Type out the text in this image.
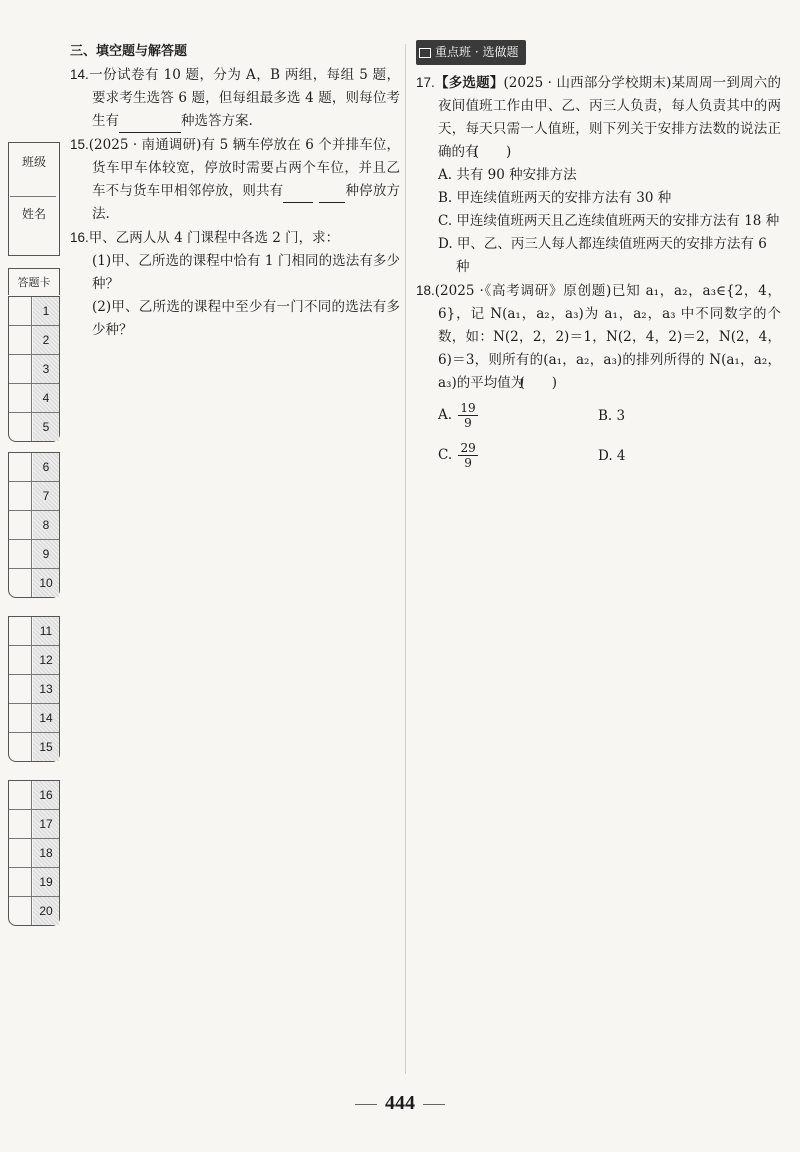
班级
姓名
答题卡
1
2
3
4
5
6
7
8
9
10
11
12
13
14
15
16
17
18
19
20
三、填空题与解答题

14.一份试卷有 10 题，分为 A，B 两组，每组 5 题，要求考生选答 6 题，但每组最多选 4 题，则每位考生有	种选答方案.

15.(2025 · 南通调研)有 5 辆车停放在 6 个并排车位，货车甲车体较宽，停放时需要占两个车位，并且乙车不与货车甲相邻停放，则共有	种停放方法.

16.甲、乙两人从 4 门课程中各选 2 门，求：

(1)甲、乙所选的课程中恰有 1 门相同的选法有多少种？

(2)甲、乙所选的课程中至少有一门不同的选法有多少种？

重点班 · 选做题

17.【多选题】(2025 · 山西部分学校期末)某周周一到周六的夜间值班工作由甲、乙、丙三人负责，每人负责其中的两天，每天只需一人值班，则下列关于安排方法数的说法正确的有(　　)

A. 共有 90 种安排方法

B. 甲连续值班两天的安排方法有 30 种

C. 甲连续值班两天且乙连续值班两天的安排方法有 18 种

D. 甲、乙、丙三人每人都连续值班两天的安排方法有 6 种

18.(2025 ·《高考调研》原创题)已知 a₁，a₂，a₃∈{2，4，6}，记 N(a₁，a₂，a₃)为 a₁，a₂，a₃ 中不同数字的个数，如：N(2，2，2)＝1，N(2，4，2)＝2，N(2，4，6)＝3，则所有的(a₁，a₂，a₃)的排列所得的 N(a₁，a₂，a₃)的平均值为(　　)

A. $\frac{19}{9}$	B. 3
C. $\frac{29}{9}$	D. 4
444
